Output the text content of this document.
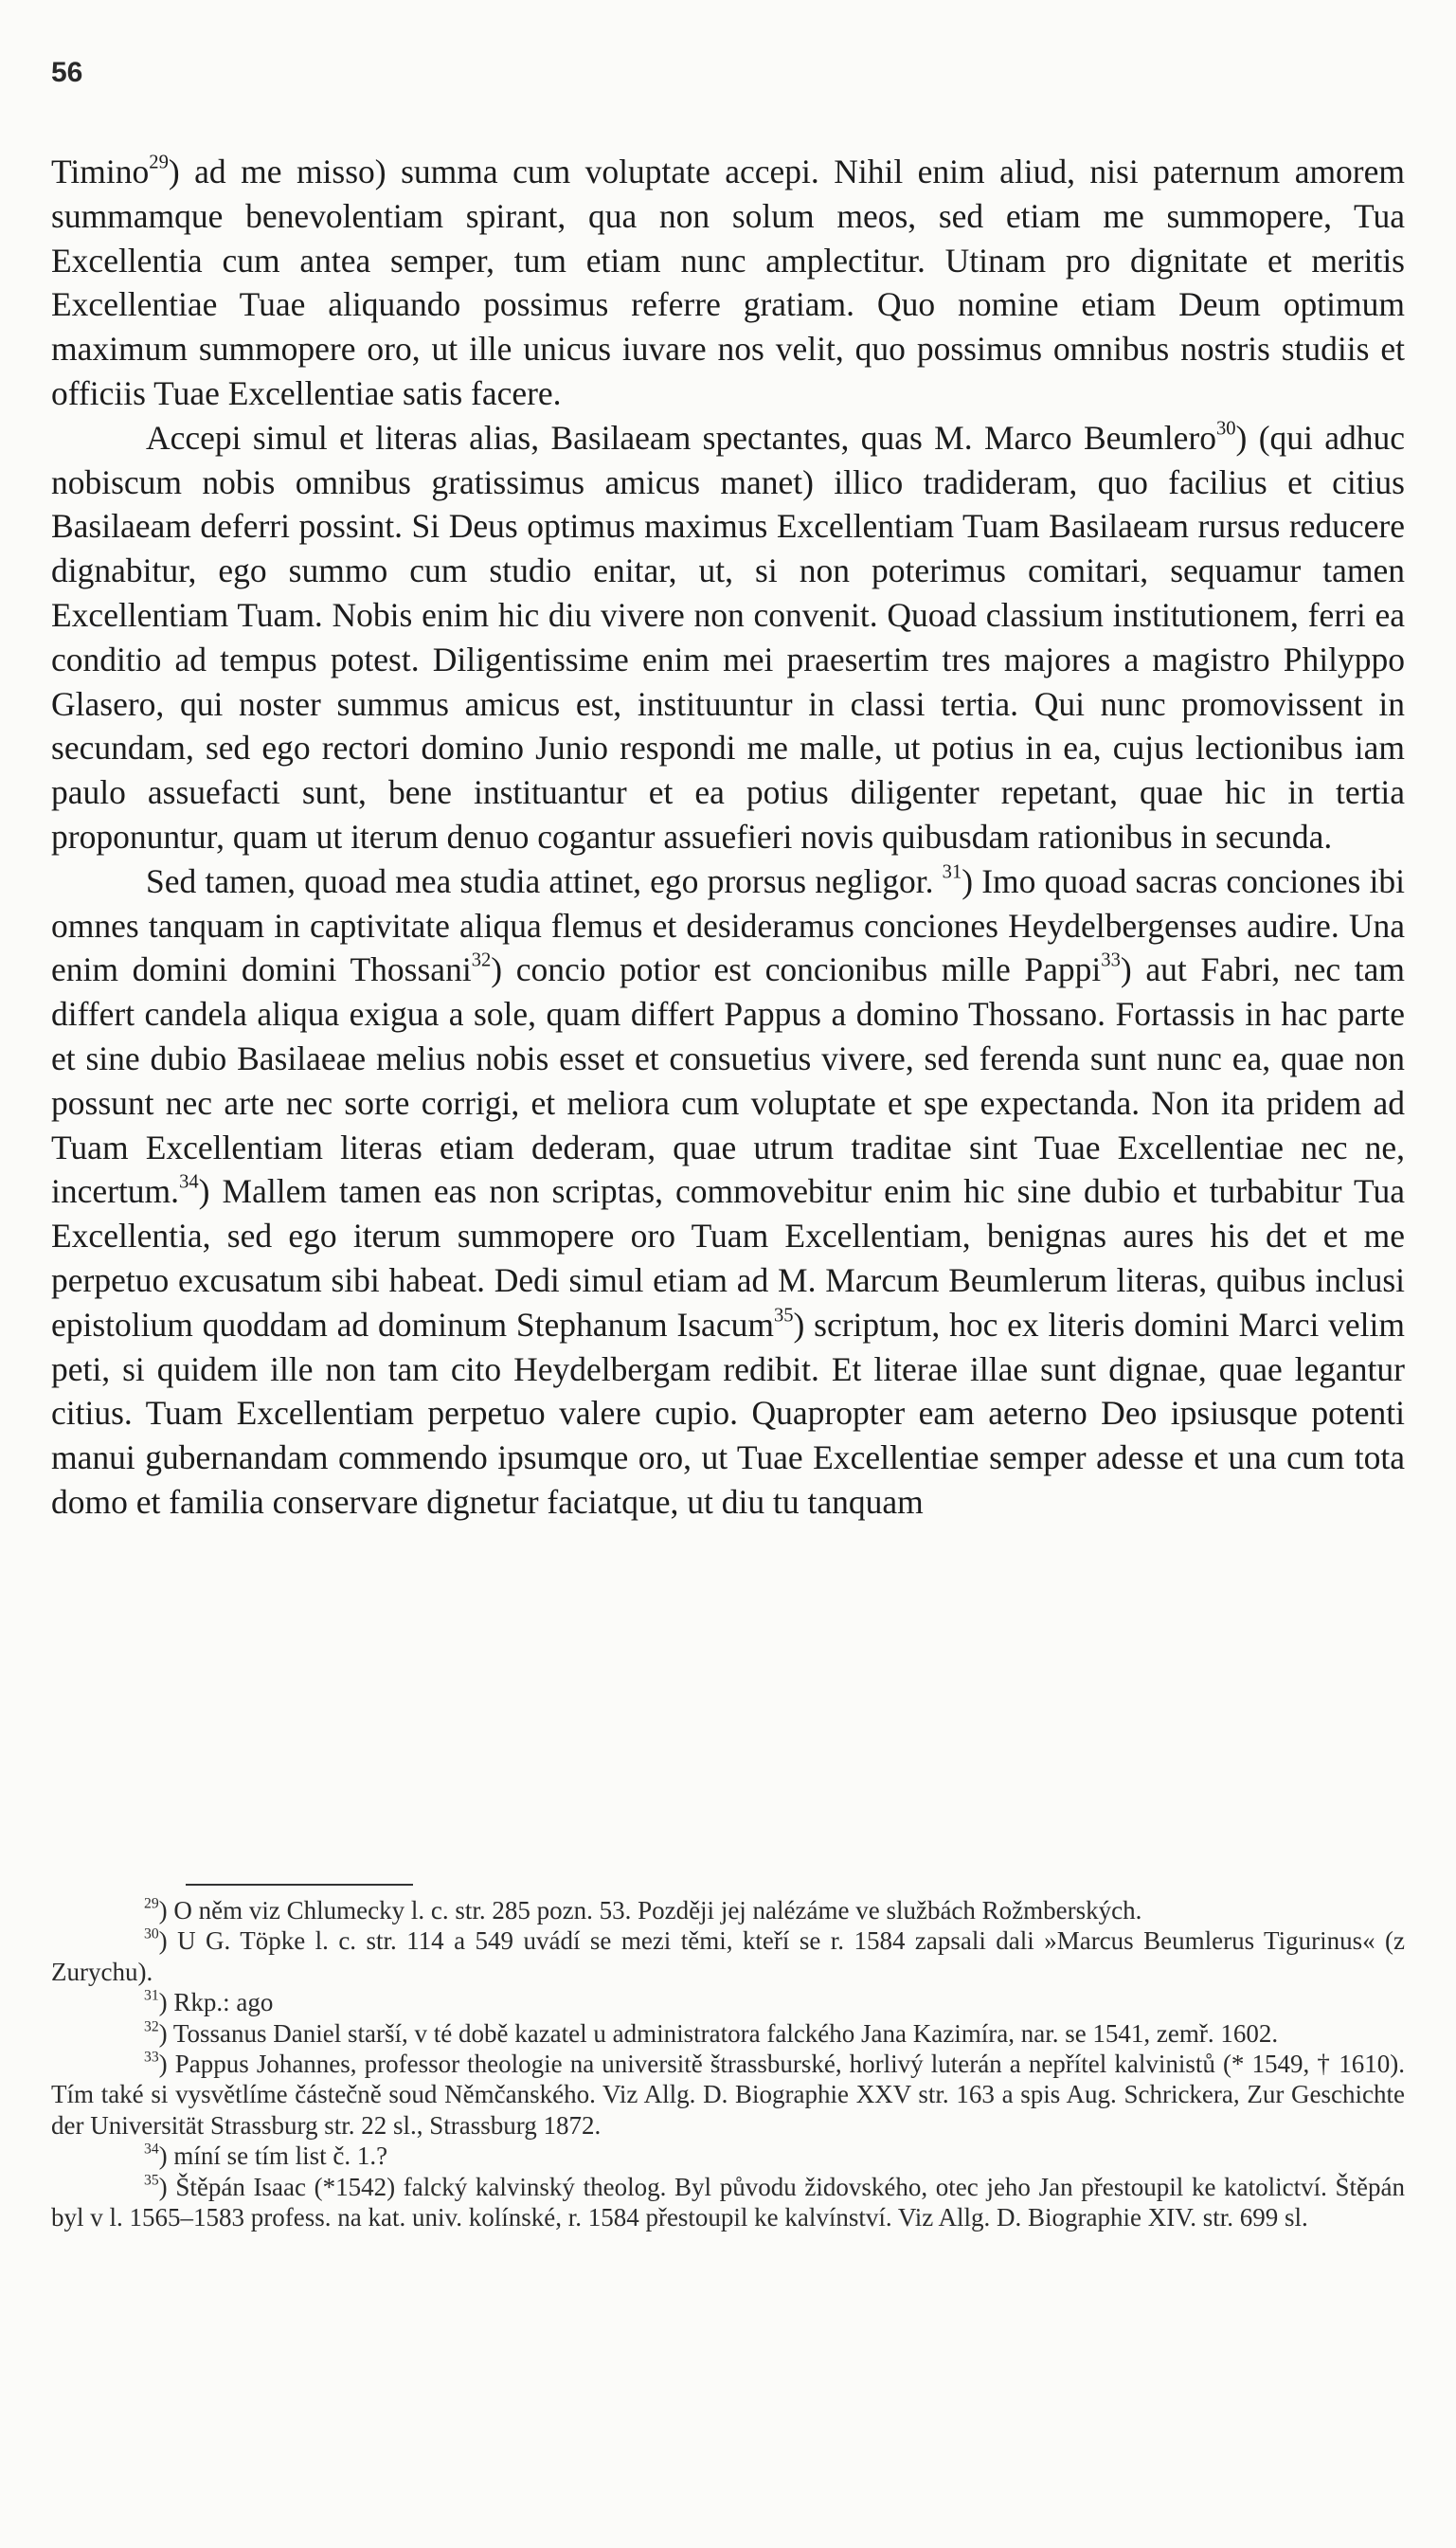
56

Timino$^{29}$) ad me misso) summa cum voluptate accepi. Nihil enim aliud, nisi paternum amorem summamque benevolentiam spirant, qua non solum meos, sed etiam me summopere, Tua Excellentia cum antea semper, tum etiam nunc amplectitur. Utinam pro dignitate et meritis Excellentiae Tuae aliquando possimus referre gratiam. Quo nomine etiam Deum optimum maximum summopere oro, ut ille unicus iuvare nos velit, quo possimus omnibus nostris studiis et officiis Tuae Excellentiae satis facere.

Accepi simul et literas alias, Basilaeam spectantes, quas M. Marco Beumlero$^{30}$) (qui adhuc nobiscum nobis omnibus gratissimus amicus manet) illico tradideram, quo facilius et citius Basilaeam deferri possint. Si Deus optimus maximus Excellentiam Tuam Basilaeam rursus reducere dignabitur, ego summo cum studio enitar, ut, si non poterimus comitari, sequamur tamen Excellentiam Tuam. Nobis enim hic diu vivere non convenit. Quoad classium institutionem, ferri ea conditio ad tempus potest. Diligentissime enim mei praesertim tres majores a magistro Philyppo Glasero, qui noster summus amicus est, instituuntur in classi tertia. Qui nunc promovissent in secundam, sed ego rectori domino Junio respondi me malle, ut potius in ea, cujus lectionibus iam paulo assuefacti sunt, bene instituantur et ea potius diligenter repetant, quae hic in tertia proponuntur, quam ut iterum denuo cogantur assuefieri novis quibusdam rationibus in secunda.

Sed tamen, quoad mea studia attinet, ego prorsus negligor. $^{31}$) Imo quoad sacras conciones ibi omnes tanquam in captivitate aliqua flemus et desideramus conciones Heydelbergenses audire. Una enim domini domini Thossani$^{32}$) concio potior est concionibus mille Pappi$^{33}$) aut Fabri, nec tam differt candela aliqua exigua a sole, quam differt Pappus a domino Thossano. Fortassis in hac parte et sine dubio Basilaeae melius nobis esset et consuetius vivere, sed ferenda sunt nunc ea, quae non possunt nec arte nec sorte corrigi, et meliora cum voluptate et spe expectanda. Non ita pridem ad Tuam Excellentiam literas etiam dederam, quae utrum traditae sint Tuae Excellentiae nec ne, incertum.$^{34}$) Mallem tamen eas non scriptas, commovebitur enim hic sine dubio et turbabitur Tua Excellentia, sed ego iterum summopere oro Tuam Excellentiam, benignas aures his det et me perpetuo excusatum sibi habeat. Dedi simul etiam ad M. Marcum Beumlerum literas, quibus inclusi epistolium quoddam ad dominum Stephanum Isacum$^{35}$) scriptum, hoc ex literis domini Marci velim peti, si quidem ille non tam cito Heydelbergam redibit. Et literae illae sunt dignae, quae legantur citius. Tuam Excellentiam perpetuo valere cupio. Quapropter eam aeterno Deo ipsiusque potenti manui gubernandam commendo ipsumque oro, ut Tuae Excellentiae semper adesse et una cum tota domo et familia conservare dignetur faciatque, ut diu tu tanquam

$^{29}$) O něm viz Chlumecky l. c. str. 285 pozn. 53. Později jej nalézáme ve službách Rožmberských.

$^{30}$) U G. Töpke l. c. str. 114 a 549 uvádí se mezi těmi, kteří se r. 1584 zapsali dali »Marcus Beumlerus Tigurinus« (z Zurychu).

$^{31}$) Rkp.: ago

$^{32}$) Tossanus Daniel starší, v té době kazatel u administratora falckého Jana Kazimíra, nar. se 1541, zemř. 1602.

$^{33}$) Pappus Johannes, professor theologie na universitě štrassburské, horlivý luterán a nepřítel kalvinistů (* 1549, † 1610). Tím také si vysvětlíme částečně soud Němčanského. Viz Allg. D. Biographie XXV str. 163 a spis Aug. Schrickera, Zur Geschichte der Universität Strassburg str. 22 sl., Strassburg 1872.

$^{34}$) míní se tím list č. 1.?

$^{35}$) Štěpán Isaac (*1542) falcký kalvinský theolog. Byl původu židovského, otec jeho Jan přestoupil ke katolictví. Štěpán byl v l. 1565–1583 profess. na kat. univ. kolínské, r. 1584 přestoupil ke kalvínství. Viz Allg. D. Biographie XIV. str. 699 sl.
